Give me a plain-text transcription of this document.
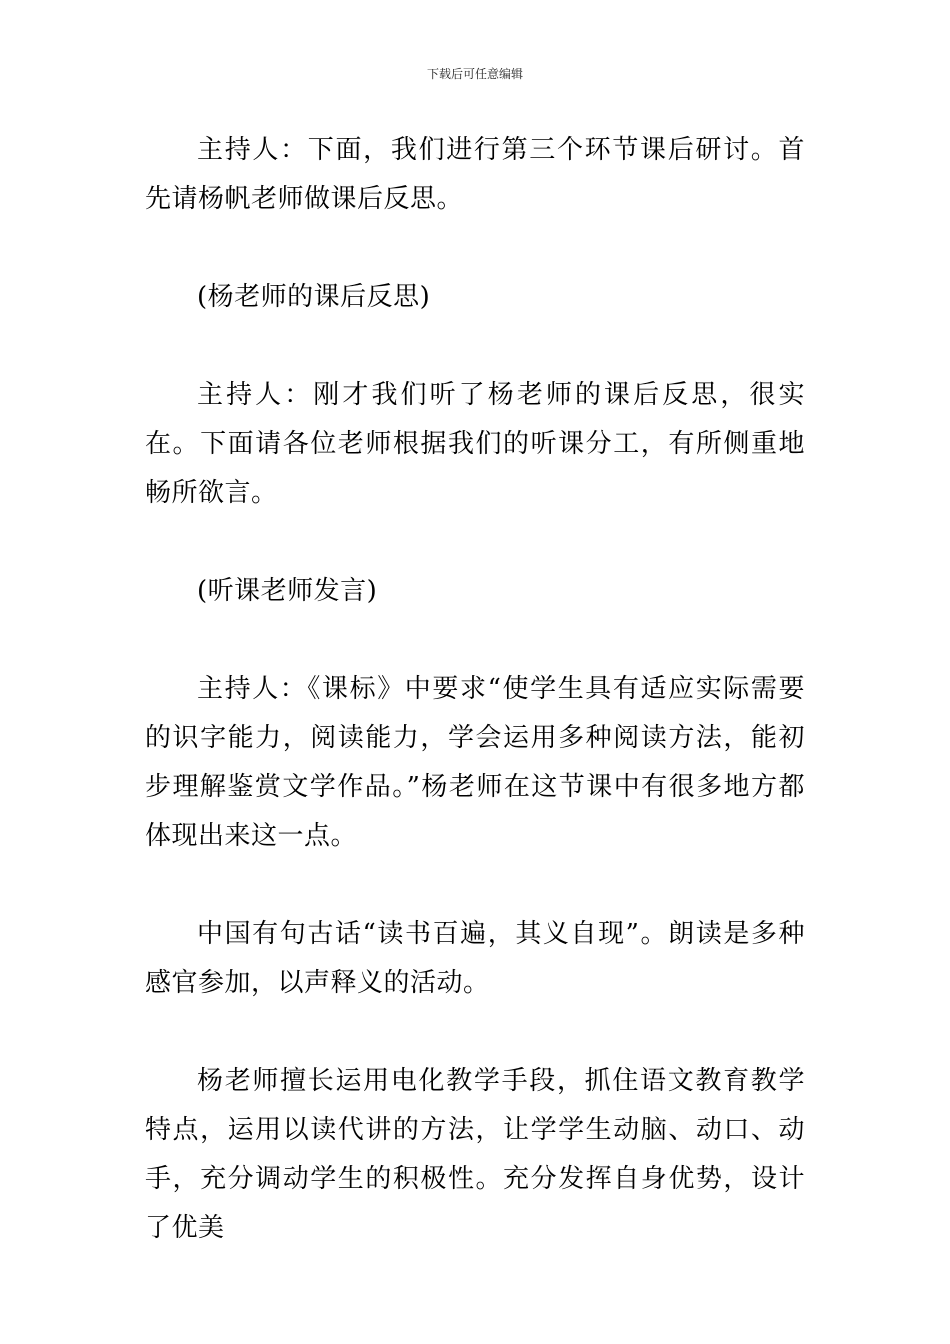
下载后可任意编辑

主持人：下面，我们进行第三个环节课后研讨。首先请杨帆老师做课后反思。

(杨老师的课后反思)

主持人：刚才我们听了杨老师的课后反思，很实在。下面请各位老师根据我们的听课分工，有所侧重地畅所欲言。

(听课老师发言)

主持人：《课标》中要求“使学生具有适应实际需要的识字能力，阅读能力，学会运用多种阅读方法，能初步理解鉴赏文学作品。”杨老师在这节课中有很多地方都体现出来这一点。

中国有句古话“读书百遍，其义自现”。朗读是多种感官参加，以声释义的活动。

杨老师擅长运用电化教学手段，抓住语文教育教学特点，运用以读代讲的方法，让学学生动脑、动口、动手，充分调动学生的积极性。充分发挥自身优势，设计了优美
